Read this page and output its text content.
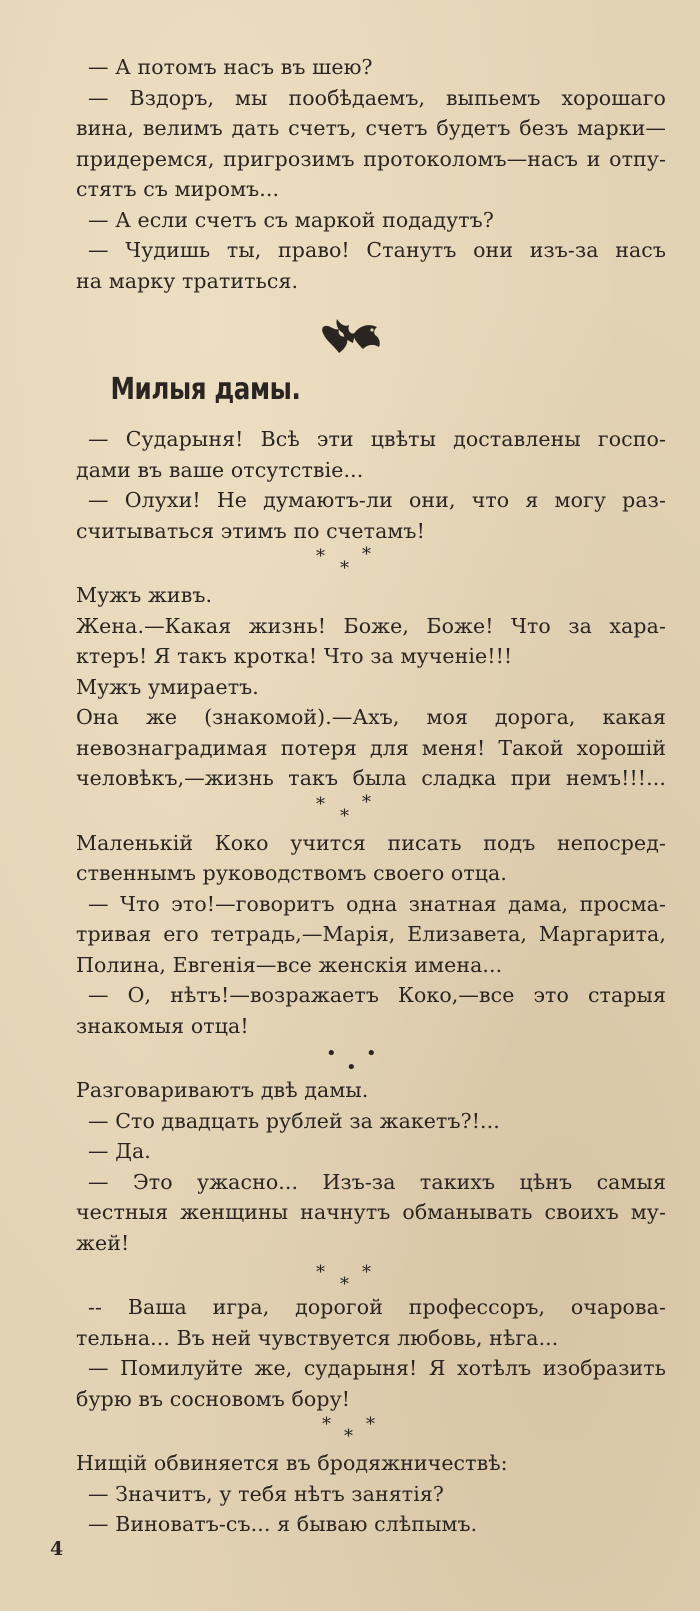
— А потомъ насъ въ шею?
— Вздоръ, мы пообѣдаемъ, выпьемъ хорошаго
вина, велимъ дать счетъ, счетъ будетъ безъ марки—
придеремся, пригрозимъ протоколомъ—насъ и отпу-
стятъ съ миромъ...
— А если счетъ съ маркой подадутъ?
— Чудишь ты, право! Станутъ они изъ-за насъ
на марку тратиться.
Милыя дамы.
— Сударыня! Всѣ эти цвѣты доставлены госпо-
дами въ ваше отсутствіе...
— Олухи! Не думаютъ-ли они, что я могу раз-
считываться этимъ по счетамъ!
* *
*
Мужъ живъ.
Жена.—Какая жизнь! Боже, Боже! Что за хара-
ктеръ! Я такъ кротка! Что за мученіе!!!
Мужъ умираетъ.
Она же (знакомой).—Ахъ, моя дорога, какая
невознаградимая потеря для меня! Такой хорошій
человѣкъ,—жизнь такъ была сладка при немъ!!!...
* *
*
Маленькій Коко учится писать подъ непосред-
ственнымъ руководствомъ своего отца.
— Что это!—говоритъ одна знатная дама, просма-
тривая его тетрадь,—Марія, Елизавета, Маргарита,
Полина, Евгенія—все женскія имена...
— О, нѣтъ!—возражаетъ Коко,—все это старыя
знакомыя отца!
• •
•
Разговариваютъ двѣ дамы.
— Сто двадцать рублей за жакетъ?!...
— Да.
— Это ужасно... Изъ-за такихъ цѣнъ самыя
честныя женщины начнутъ обманывать своихъ му-
жей!
* *
*
-- Ваша игра, дорогой профессоръ, очарова-
тельна... Въ ней чувствуется любовь, нѣга...
— Помилуйте же, сударыня! Я хотѣлъ изобразить
бурю въ сосновомъ бору!
* *
*
Нищій обвиняется въ бродяжничествѣ:
— Значитъ, у тебя нѣтъ занятія?
— Виноватъ-съ... я бываю слѣпымъ.
4
